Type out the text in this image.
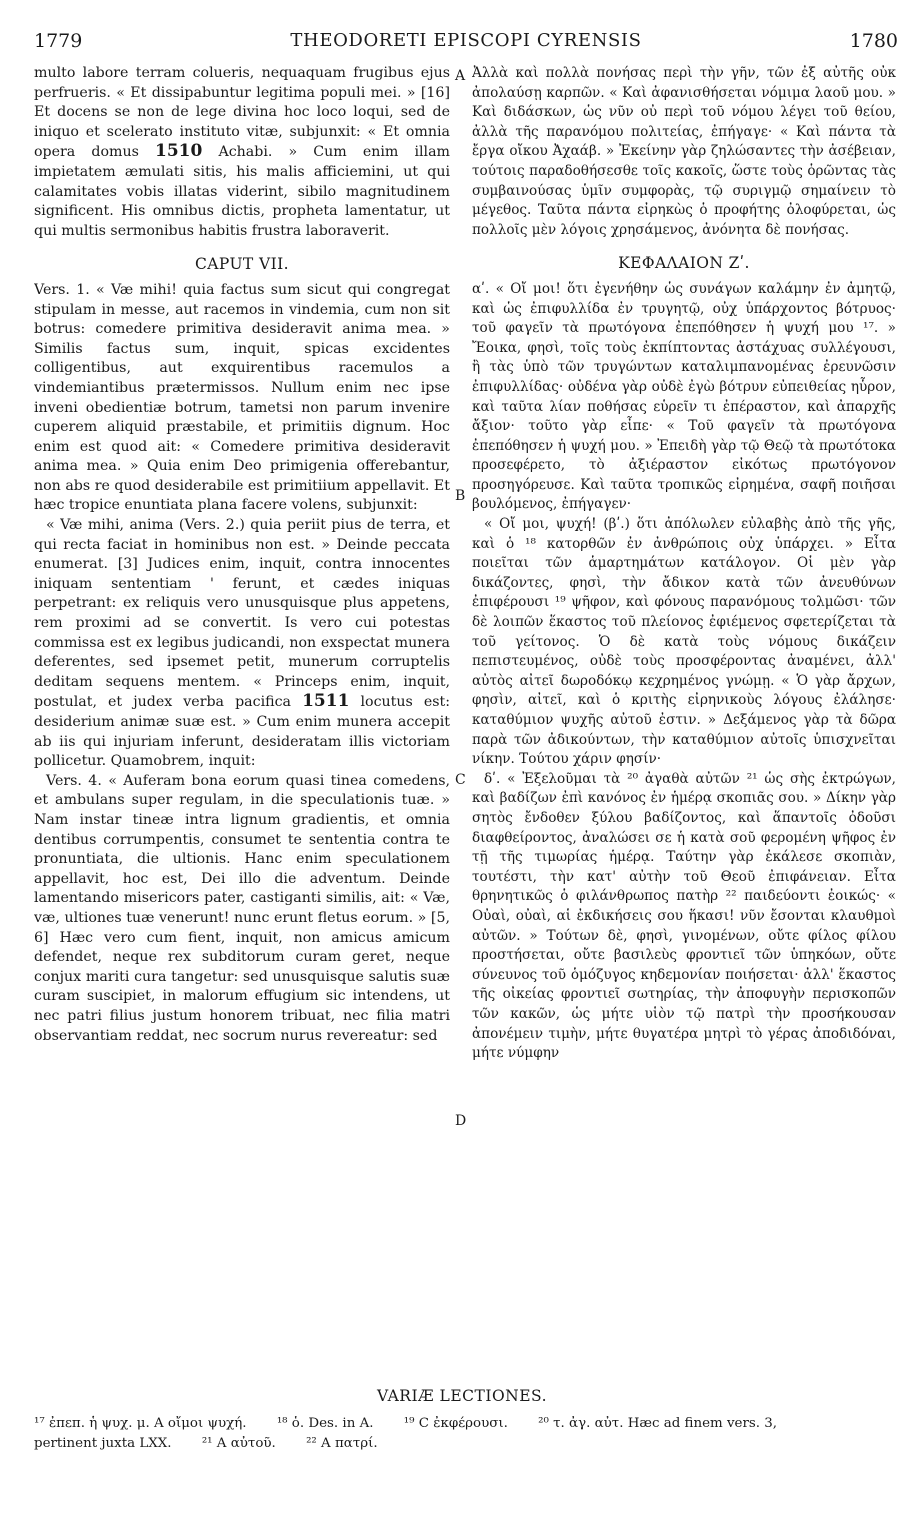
1779	THEODORETI EPISCOPI CYRENSIS	1780

multo labore terram colueris, nequaquam frugibus ejus perfrueris. « Et dissipabuntur legitima populi mei. » [16] Et docens se non de lege divina hoc loco loqui, sed de iniquo et scelerato instituto vitæ, subjunxit: « Et omnia opera domus 1510 Achabi. » Cum enim illam impietatem æmulati sitis, his malis afficiemini, ut qui calamitates vobis illatas viderint, sibilo magnitudinem significent. His omnibus dictis, propheta lamentatur, ut qui multis sermonibus habitis frustra laboraverit.

CAPUT VII.

Vers. 1. « Væ mihi! quia factus sum sicut qui congregat stipulam in messe, aut racemos in vindemia, cum non sit botrus: comedere primitiva desideravit anima mea. » Similis factus sum, inquit, spicas excidentes colligentibus, aut exquirentibus racemulos a vindemiantibus prætermissos. Nullum enim nec ipse inveni obedientiæ botrum, tametsi non parum invenire cuperem aliquid præstabile, et primitiis dignum. Hoc enim est quod ait: « Comedere primitiva desideravit anima mea. » Quia enim Deo primigenia offerebantur, non abs re quod desiderabile est primitiium appellavit. Et hæc tropice enuntiata plana facere volens, subjunxit:

« Væ mihi, anima (Vers. 2.) quia periit pius de terra, et qui recta faciat in hominibus non est. » Deinde peccata enumerat. [3] Judices enim, inquit, contra innocentes iniquam sententiam ' ferunt, et cædes iniquas perpetrant: ex reliquis vero unusquisque plus appetens, rem proximi ad se convertit. Is vero cui potestas commissa est ex legibus judicandi, non exspectat munera deferentes, sed ipsemet petit, munerum corruptelis deditam sequens mentem. « Princeps enim, inquit, postulat, et judex verba pacifica 1511 locutus est: desiderium animæ suæ est. » Cum enim munera accepit ab iis qui injuriam inferunt, desideratam illis victoriam pollicetur. Quamobrem, inquit:

Vers. 4. « Auferam bona eorum quasi tinea comedens, et ambulans super regulam, in die speculationis tuæ. » Nam instar tineæ intra lignum gradientis, et omnia dentibus corrumpentis, consumet te sententia contra te pronuntiata, die ultionis. Hanc enim speculationem appellavit, hoc est, Dei illo die adventum. Deinde lamentando misericors pater, castiganti similis, ait: « Væ, væ, ultiones tuæ venerunt! nunc erunt fletus eorum. » [5, 6] Hæc vero cum fient, inquit, non amicus amicum defendet, neque rex subditorum curam geret, neque conjux mariti cura tangetur: sed unusquisque salutis suæ curam suscipiet, in malorum effugium sic intendens, ut nec patri filius justum honorem tribuat, nec filia matri observantiam reddat, nec socrum nurus revereatur: sed

A
B
C
D

Ἀλλὰ καὶ πολλὰ πονήσας περὶ τὴν γῆν, τῶν ἐξ αὐτῆς οὐκ ἀπολαύσῃ καρπῶν. « Καὶ ἀφανισθήσεται νόμιμα λαοῦ μου. » Καὶ διδάσκων, ὡς νῦν οὐ περὶ τοῦ νόμου λέγει τοῦ θείου, ἀλλὰ τῆς παρανόμου πολιτείας, ἐπήγαγε· « Καὶ πάντα τὰ ἔργα οἴκου Ἀχαάβ. » Ἐκείνην γὰρ ζηλώσαντες τὴν ἀσέβειαν, τούτοις παραδοθήσεσθε τοῖς κακοῖς, ὥστε τοὺς ὁρῶντας τὰς συμβαινούσας ὑμῖν συμφορὰς, τῷ συριγμῷ σημαίνειν τὸ μέγεθος. Ταῦτα πάντα εἰρηκὼς ὁ προφήτης ὀλοφύρεται, ὡς πολλοῖς μὲν λόγοις χρησάμενος, ἀνόνητα δὲ πονήσας.

ΚΕΦΑΛΑΙΟΝ Ζʹ.

αʹ. « Οἴ μοι! ὅτι ἐγενήθην ὡς συνάγων καλάμην ἐν ἀμητῷ, καὶ ὡς ἐπιφυλλίδα ἐν τρυγητῷ, οὐχ ὑπάρχοντος βότρυος· τοῦ φαγεῖν τὰ πρωτόγονα ἐπεπόθησεν ἡ ψυχή μου ¹⁷. » Ἔοικα, φησὶ, τοῖς τοὺς ἐκπίπτοντας ἀστάχυας συλλέγουσι, ἢ τὰς ὑπὸ τῶν τρυγώντων καταλιμπανομένας ἐρευνῶσιν ἐπιφυλλίδας· οὐδένα γὰρ οὐδὲ ἐγὼ βότρυν εὐπειθείας ηὗρον, καὶ ταῦτα λίαν ποθήσας εὑρεῖν τι ἐπέραστον, καὶ ἀπαρχῆς ἄξιον· τοῦτο γὰρ εἶπε· « Τοῦ φαγεῖν τὰ πρωτόγονα ἐπεπόθησεν ἡ ψυχή μου. » Ἐπειδὴ γὰρ τῷ Θεῷ τὰ πρωτότοκα προσεφέρετο, τὸ ἀξιέραστον εἰκότως πρωτόγονον προσηγόρευσε. Καὶ ταῦτα τροπικῶς εἰρημένα, σαφῆ ποιῆσαι βουλόμενος, ἐπήγαγεν·

« Οἴ μοι, ψυχή! (βʹ.) ὅτι ἀπόλωλεν εὐλαβὴς ἀπὸ τῆς γῆς, καὶ ὁ ¹⁸ κατορθῶν ἐν ἀνθρώποις οὐχ ὑπάρχει. » Εἶτα ποιεῖται τῶν ἁμαρτημάτων κατάλογον. Οἱ μὲν γὰρ δικάζοντες, φησὶ, τὴν ἄδικον κατὰ τῶν ἀνευθύνων ἐπιφέρουσι ¹⁹ ψῆφον, καὶ φόνους παρανόμους τολμῶσι· τῶν δὲ λοιπῶν ἕκαστος τοῦ πλείονος ἐφιέμενος σφετερίζεται τὰ τοῦ γείτονος. Ὁ δὲ κατὰ τοὺς νόμους δικάζειν πεπιστευμένος, οὐδὲ τοὺς προσφέροντας ἀναμένει, ἀλλ' αὐτὸς αἰτεῖ δωροδόκῳ κεχρημένος γνώμῃ. « Ὁ γὰρ ἄρχων, φησὶν, αἰτεῖ, καὶ ὁ κριτὴς εἰρηνικοὺς λόγους ἐλάλησε· καταθύμιον ψυχῆς αὐτοῦ ἐστιν. » Δεξάμενος γὰρ τὰ δῶρα παρὰ τῶν ἀδικούντων, τὴν καταθύμιον αὐτοῖς ὑπισχνεῖται νίκην. Τούτου χάριν φησίν·

δʹ. « Ἐξελοῦμαι τὰ ²⁰ ἀγαθὰ αὐτῶν ²¹ ὡς σὴς ἐκτρώγων, καὶ βαδίζων ἐπὶ κανόνος ἐν ἡμέρᾳ σκοπιᾶς σου. » Δίκην γὰρ σητὸς ἔνδοθεν ξύλου βαδίζοντος, καὶ ἅπαντοῖς ὀδοῦσι διαφθείροντος, ἀναλώσει σε ἡ κατὰ σοῦ φερομένη ψῆφος ἐν τῇ τῆς τιμωρίας ἡμέρᾳ. Ταύτην γὰρ ἐκάλεσε σκοπιὰν, τουτέστι, τὴν κατ' αὐτὴν τοῦ Θεοῦ ἐπιφάνειαν. Εἶτα θρηνητικῶς ὁ φιλάνθρωπος πατὴρ ²² παιδεύοντι ἐοικώς· « Οὐαὶ, οὐαὶ, αἱ ἐκδικήσεις σου ἥκασι! νῦν ἔσονται κλαυθμοὶ αὐτῶν. » Τούτων δὲ, φησὶ, γινομένων, οὔτε φίλος φίλου προστήσεται, οὔτε βασιλεὺς φροντιεῖ τῶν ὑπηκόων, οὔτε σύνευνος τοῦ ὁμόζυγος κηδεμονίαν ποιήσεται· ἀλλ' ἕκαστος τῆς οἰκείας φροντιεῖ σωτηρίας, τὴν ἀποφυγὴν περισκοπῶν τῶν κακῶν, ὡς μήτε υἱὸν τῷ πατρὶ τὴν προσήκουσαν ἀπονέμειν τιμὴν, μήτε θυγατέρα μητρὶ τὸ γέρας ἀποδιδόναι, μήτε νύμφην

VARIÆ LECTIONES.
¹⁷ ἐπεπ. ἡ ψυχ. μ. A οἴμοι ψυχή. ¹⁸ ὁ. Des. in A. ¹⁹ C ἐκφέρουσι. ²⁰ τ. ἀγ. αὐτ. Hæc ad finem vers. 3,
pertinent juxta LXX. ²¹ A αὐτοῦ. ²² A πατρί.
